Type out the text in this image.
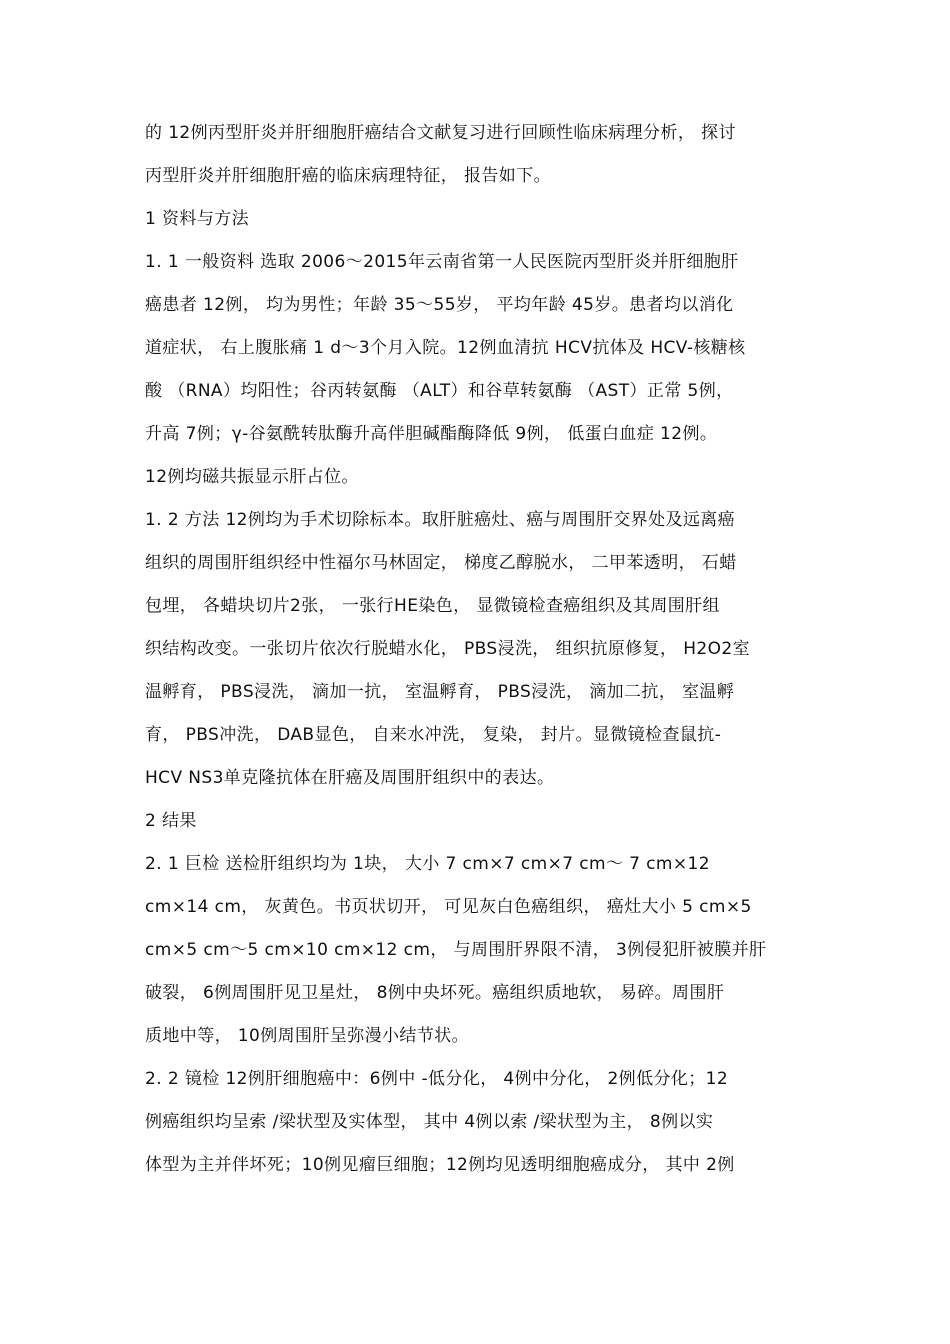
的 12例丙型肝炎并肝细胞肝癌结合文献复习进行回顾性临床病理分析， 探讨
丙型肝炎并肝细胞肝癌的临床病理特征， 报告如下。
1 资料与方法
1. 1 一般资料 选取 2006～2015年云南省第一人民医院丙型肝炎并肝细胞肝
癌患者 12例， 均为男性；年龄 35～55岁， 平均年龄 45岁。患者均以消化
道症状， 右上腹胀痛 1 d～3个月入院。12例血清抗 HCV抗体及 HCV-核糖核
酸 （RNA）均阳性；谷丙转氨酶 （ALT）和谷草转氨酶 （AST）正常 5例，
升高 7例；γ-谷氨酰转肽酶升高伴胆碱酯酶降低 9例， 低蛋白血症 12例。
12例均磁共振显示肝占位。
1. 2 方法 12例均为手术切除标本。取肝脏癌灶、癌与周围肝交界处及远离癌
组织的周围肝组织经中性福尔马林固定， 梯度乙醇脱水， 二甲苯透明， 石蜡
包埋， 各蜡块切片2张， 一张行HE染色， 显微镜检查癌组织及其周围肝组
织结构改变。一张切片依次行脱蜡水化， PBS浸洗， 组织抗原修复， H2O2室
温孵育， PBS浸洗， 滴加一抗， 室温孵育， PBS浸洗， 滴加二抗， 室温孵
育， PBS冲洗， DAB显色， 自来水冲洗， 复染， 封片。显微镜检查鼠抗-
HCV NS3单克隆抗体在肝癌及周围肝组织中的表达。
2 结果
2. 1 巨检 送检肝组织均为 1块， 大小 7 cm×7 cm×7 cm～ 7 cm×12
cm×14 cm， 灰黄色。书页状切开， 可见灰白色癌组织， 癌灶大小 5 cm×5
cm×5 cm～5 cm×10 cm×12 cm， 与周围肝界限不清， 3例侵犯肝被膜并肝
破裂， 6例周围肝见卫星灶， 8例中央坏死。癌组织质地软， 易碎。周围肝
质地中等， 10例周围肝呈弥漫小结节状。
2. 2 镜检 12例肝细胞癌中：6例中 -低分化， 4例中分化， 2例低分化；12
例癌组织均呈索 /梁状型及实体型， 其中 4例以索 /梁状型为主， 8例以实
体型为主并伴坏死；10例见瘤巨细胞；12例均见透明细胞癌成分， 其中 2例
